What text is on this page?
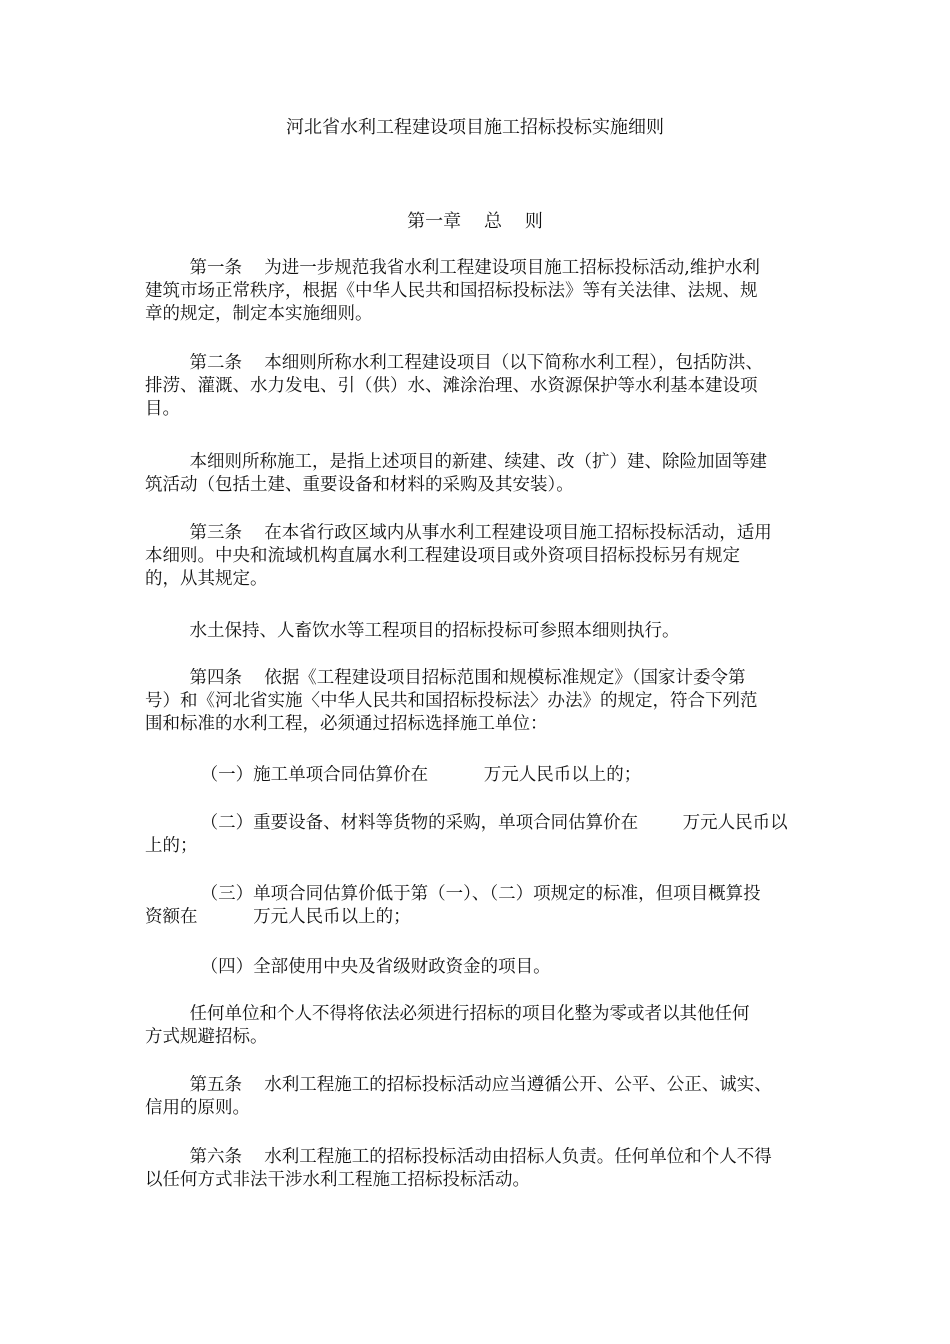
河北省水利工程建设项目施工招标投标实施细则
第一章    总    则
第一条    为进一步规范我省水利工程建设项目施工招标投标活动,维护水利
建筑市场正常秩序，根据《中华人民共和国招标投标法》等有关法律、法规、规
章的规定，制定本实施细则。
第二条    本细则所称水利工程建设项目（以下简称水利工程），包括防洪、
排涝、灌溉、水力发电、引（供）水、滩涂治理、水资源保护等水利基本建设项
目。
本细则所称施工，是指上述项目的新建、续建、改（扩）建、除险加固等建
筑活动（包括土建、重要设备和材料的采购及其安装）。
第三条    在本省行政区域内从事水利工程建设项目施工招标投标活动，适用
本细则。中央和流域机构直属水利工程建设项目或外资项目招标投标另有规定
的，从其规定。
水土保持、人畜饮水等工程项目的招标投标可参照本细则执行。
第四条    依据《工程建设项目招标范围和规模标准规定》（国家计委令第
号）和《河北省实施〈中华人民共和国招标投标法〉办法》的规定，符合下列范
围和标准的水利工程，必须通过招标选择施工单位：
（一）施工单项合同估算价在          万元人民币以上的；
（二）重要设备、材料等货物的采购，单项合同估算价在        万元人民币以
上的；
（三）单项合同估算价低于第（一）、（二）项规定的标准，但项目概算投
资额在          万元人民币以上的；
（四）全部使用中央及省级财政资金的项目。
任何单位和个人不得将依法必须进行招标的项目化整为零或者以其他任何
方式规避招标。
第五条    水利工程施工的招标投标活动应当遵循公开、公平、公正、诚实、
信用的原则。
第六条    水利工程施工的招标投标活动由招标人负责。任何单位和个人不得
以任何方式非法干涉水利工程施工招标投标活动。
